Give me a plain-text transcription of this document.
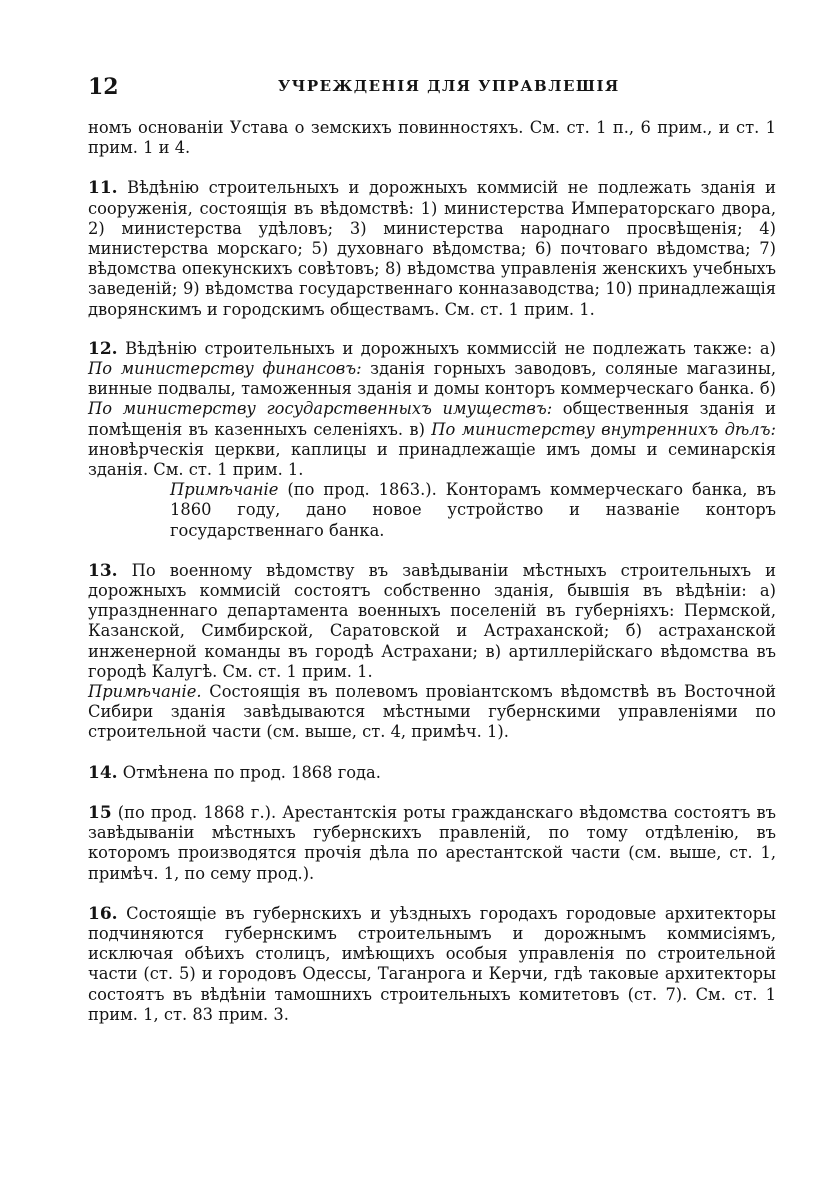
12	УЧРЕЖДЕНІЯ ДЛЯ УПРАВЛЕШІЯ

номъ основаніи Устава о земскихъ повинностяхъ. См. ст. 1 п., 6 прим., и ст. 1 прим. 1 и 4.

11. Вѣдѣнію строительныхъ и дорожныхъ коммисій не подлежать зданія и сооруженія, состоящія въ вѣдомствѣ: 1) министерства Императорскаго двора, 2) министерства удѣловъ; 3) министерства народнаго просвѣщенія; 4) министерства морскаго; 5) духовнаго вѣдомства; 6) почтоваго вѣдомства; 7) вѣдомства опекунскихъ совѣтовъ; 8) вѣдомства управленія женскихъ учебныхъ заведеній; 9) вѣдомства государственнаго конназаводства; 10) принадлежащія дворянскимъ и городскимъ обществамъ. См. ст. 1 прим. 1.

12. Вѣдѣнію строительныхъ и дорожныхъ коммиссій не подлежать также: а) По министерству финансовъ: зданія горныхъ заводовъ, соляные магазины, винные подвалы, таможенныя зданія и домы конторъ коммерческаго банка. б) По министерству государственныхъ имуществъ: общественныя зданія и помѣщенія въ казенныхъ селеніяхъ. в) По министерству внутреннихъ дѣлъ: иновѣрческія церкви, каплицы и принадлежащіе имъ домы и семинарскія зданія. См. ст. 1 прим. 1.

Примѣчаніе (по прод. 1863.). Конторамъ коммерческаго банка, въ 1860 году, дано новое устройство и названіе конторъ государственнаго банка.

13. По военному вѣдомству въ завѣдываніи мѣстныхъ строительныхъ и дорожныхъ коммисій состоятъ собственно зданія, бывшія въ вѣдѣніи: а) упраздненнаго департамента военныхъ поселеній въ губерніяхъ: Пермской, Казанской, Симбирской, Саратовской и Астраханской; б) астраханской инженерной команды въ городѣ Астрахани; в) артиллерійскаго вѣдомства въ городѣ Калугѣ. См. ст. 1 прим. 1.

Примѣчаніе. Состоящія въ полевомъ провіантскомъ вѣдомствѣ въ Восточной Сибири зданія завѣдываются мѣстными губернскими управленіями по строительной части (см. выше, ст. 4, примѣч. 1).

14. Отмѣнена по прод. 1868 года.

15 (по прод. 1868 г.). Арестантскія роты гражданскаго вѣдомства состоятъ въ завѣдываніи мѣстныхъ губернскихъ правленій, по тому отдѣленію, въ которомъ производятся прочія дѣла по арестантской части (см. выше, ст. 1, примѣч. 1, по сему прод.).

16. Состоящіе въ губернскихъ и уѣздныхъ городахъ городовые архитекторы подчиняются губернскимъ строительнымъ и дорожнымъ коммисіямъ, исключая обѣихъ столицъ, имѣющихъ особыя управленія по строительной части (ст. 5) и городовъ Одессы, Таганрога и Керчи, гдѣ таковые архитекторы состоятъ въ вѣдѣніи тамошнихъ строительныхъ комитетовъ (ст. 7). См. ст. 1 прим. 1, ст. 83 прим. 3.
